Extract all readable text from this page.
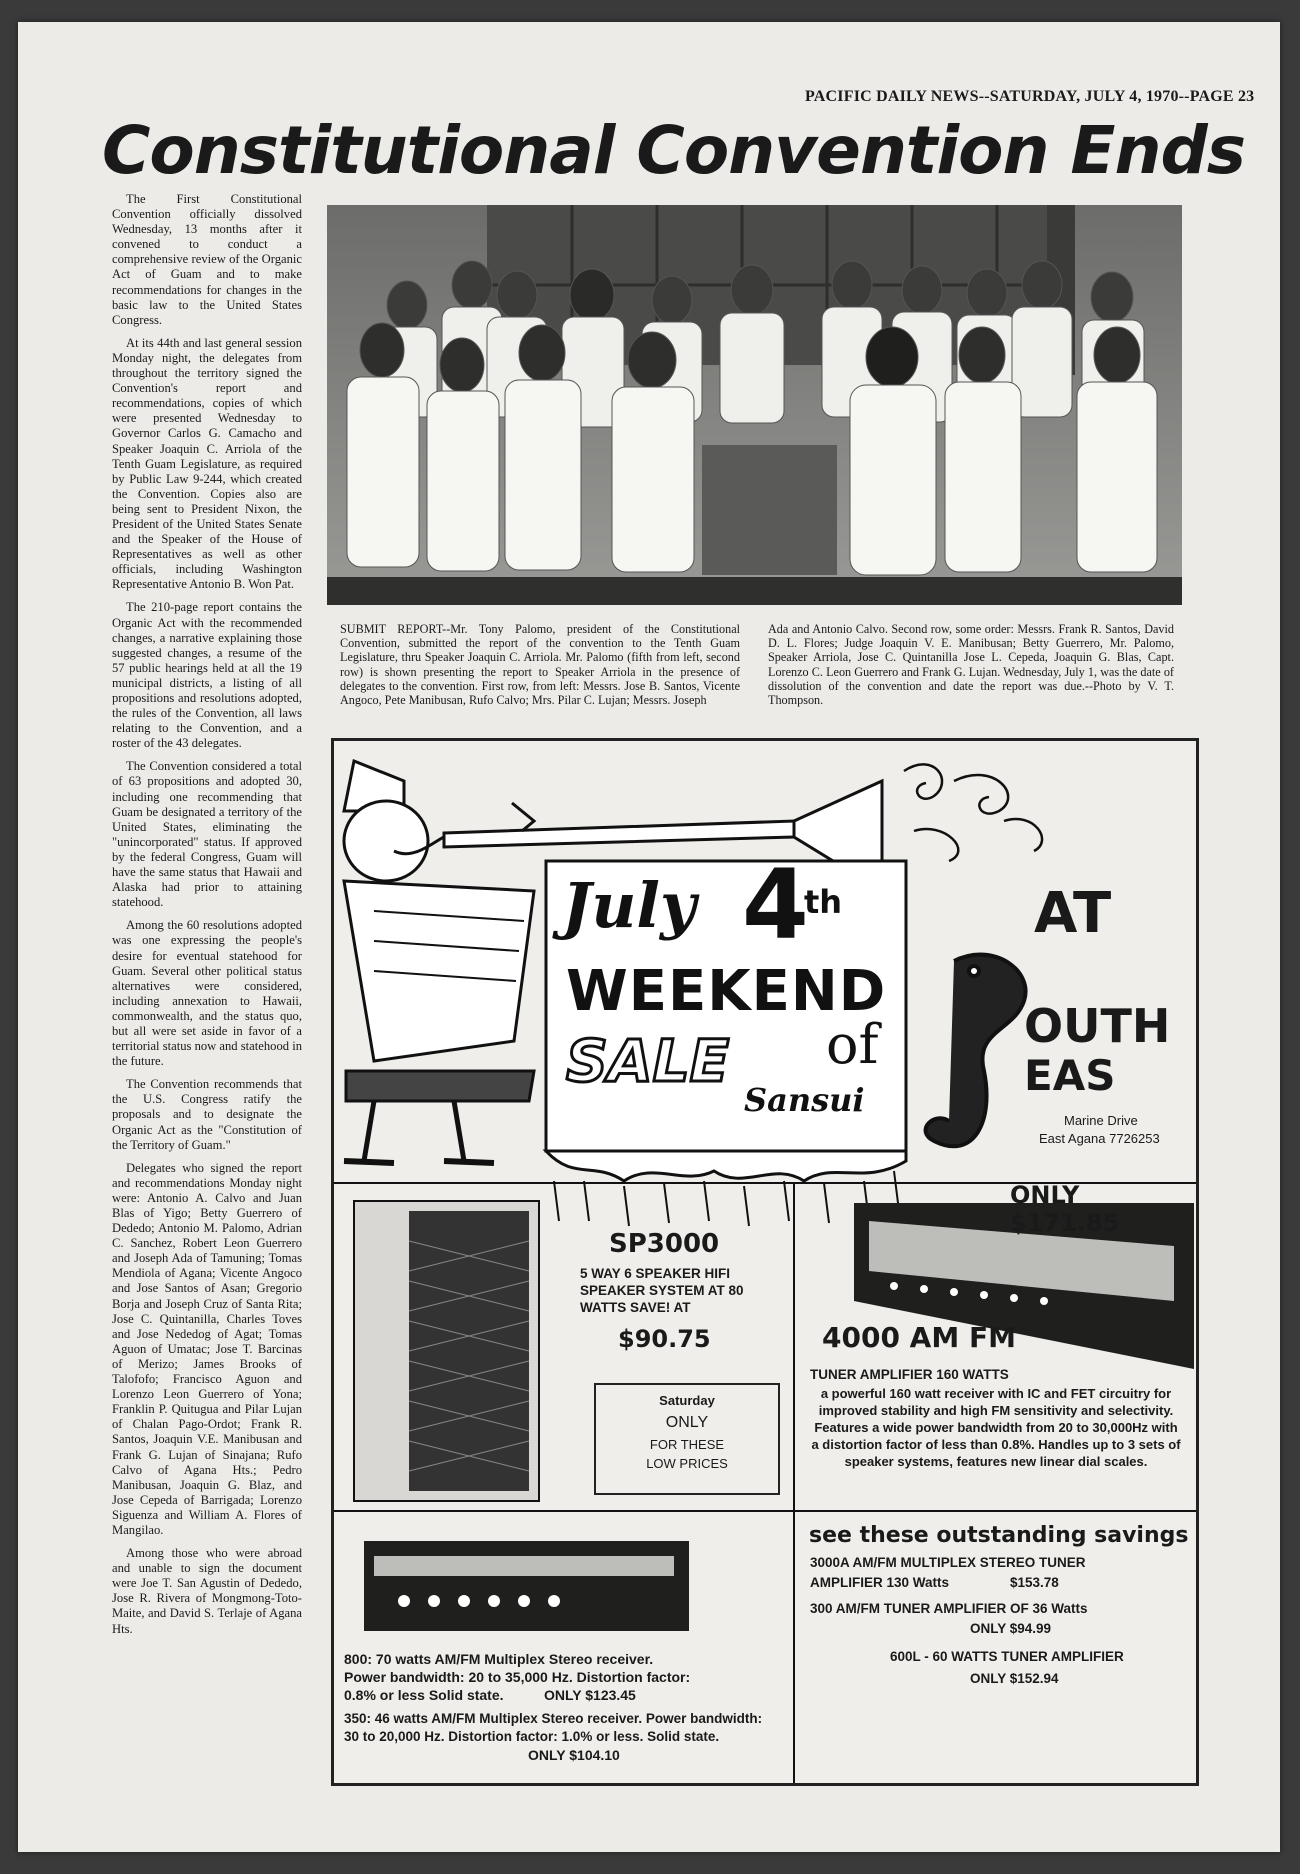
PACIFIC DAILY NEWS--SATURDAY, JULY 4, 1970--PAGE 23
Constitutional Convention Ends

The First Constitutional Convention officially dissolved Wednesday, 13 months after it convened to conduct a comprehensive review of the Organic Act of Guam and to make recommendations for changes in the basic law to the United States Congress.

At its 44th and last general session Monday night, the delegates from throughout the territory signed the Convention's report and recommendations, copies of which were presented Wednesday to Governor Carlos G. Camacho and Speaker Joaquin C. Arriola of the Tenth Guam Legislature, as required by Public Law 9-244, which created the Convention. Copies also are being sent to President Nixon, the President of the United States Senate and the Speaker of the House of Representatives as well as other officials, including Washington Representative Antonio B. Won Pat.

The 210-page report contains the Organic Act with the recommended changes, a narrative explaining those suggested changes, a resume of the 57 public hearings held at all the 19 municipal districts, a listing of all propositions and resolutions adopted, the rules of the Convention, all laws relating to the Convention, and a roster of the 43 delegates.

The Convention considered a total of 63 propositions and adopted 30, including one recommending that Guam be designated a territory of the United States, eliminating the "unincorporated" status. If approved by the federal Congress, Guam will have the same status that Hawaii and Alaska had prior to attaining statehood.

Among the 60 resolutions adopted was one expressing the people's desire for eventual statehood for Guam. Several other political status alternatives were considered, including annexation to Hawaii, commonwealth, and the status quo, but all were set aside in favor of a territorial status now and statehood in the future.

The Convention recommends that the U.S. Congress ratify the proposals and to designate the Organic Act as the "Constitution of the Territory of Guam."

Delegates who signed the report and recommendations Monday night were: Antonio A. Calvo and Juan Blas of Yigo; Betty Guerrero of Dededo; Antonio M. Palomo, Adrian C. Sanchez, Robert Leon Guerrero and Joseph Ada of Tamuning; Tomas Mendiola of Agana; Vicente Angoco and Jose Santos of Asan; Gregorio Borja and Joseph Cruz of Santa Rita; Jose C. Quintanilla, Charles Toves and Jose Nededog of Agat; Tomas Aguon of Umatac; Jose T. Barcinas of Merizo; James Brooks of Talofofo; Francisco Aguon and Lorenzo Leon Guerrero of Yona; Franklin P. Quitugua and Pilar Lujan of Chalan Pago-Ordot; Frank R. Santos, Joaquin V.E. Manibusan and Frank G. Lujan of Sinajana; Rufo Calvo of Agana Hts.; Pedro Manibusan, Joaquin G. Blaz, and Jose Cepeda of Barrigada; Lorenzo Siguenza and William A. Flores of Mangilao.

Among those who were abroad and unable to sign the document were Joe T. San Agustin of Dededo, Jose R. Rivera of Mongmong-Toto-Maite, and David S. Terlaje of Agana Hts.

SUBMIT REPORT--Mr. Tony Palomo, president of the Constitutional Convention, submitted the report of the convention to the Tenth Guam Legislature, thru Speaker Joaquin C. Arriola. Mr. Palomo (fifth from left, second row) is shown presenting the report to Speaker Arriola in the presence of delegates to the convention. First row, from left: Messrs. Jose B. Santos, Vicente Angoco, Pete Manibusan, Rufo Calvo; Mrs. Pilar C. Lujan; Messrs. Joseph
Ada and Antonio Calvo. Second row, some order: Messrs. Frank R. Santos, David D. L. Flores; Judge Joaquin V. E. Manibusan; Betty Guerrero, Mr. Palomo, Speaker Arriola, Jose C. Quintanilla Jose L. Cepeda, Joaquin G. Blas, Capt. Lorenzo C. Leon Guerrero and Frank G. Lujan. Wednesday, July 1, was the date of dissolution of the convention and date the report was due.--Photo by V. T. Thompson.
July 4
th
WEEKEND
of
SALE
Sansui
AT
OUTH
EAS
Marine Drive
East Agana 7726253
SP3000
5 WAY 6 SPEAKER HIFI SPEAKER SYSTEM AT 80 WATTS SAVE! AT
$90.75
Saturday
ONLY
FOR THESE
LOW PRICES
ONLY $171.85
4000 AM FM
TUNER AMPLIFIER 160 WATTS
a powerful 160 watt receiver with IC and FET circuitry for improved stability and high FM sensitivity and selectivity. Features a wide power bandwidth from 20 to 30,000Hz with a distortion factor of less than 0.8%. Handles up to 3 sets of speaker systems, features new linear dial scales.
800: 70 watts AM/FM Multiplex Stereo receiver.
Power bandwidth: 20 to 35,000 Hz. Distortion factor:
0.8% or less Solid state.	ONLY $123.45
350: 46 watts AM/FM Multiplex Stereo receiver. Power bandwidth:
30 to 20,000 Hz. Distortion factor: 1.0% or less. Solid state.
ONLY $104.10
see these outstanding savings
3000A AM/FM MULTIPLEX STEREO TUNER
AMPLIFIER 130 Watts	$153.78
300 AM/FM TUNER AMPLIFIER OF 36 Watts
ONLY $94.99
600L - 60 WATTS TUNER AMPLIFIER
ONLY $152.94
